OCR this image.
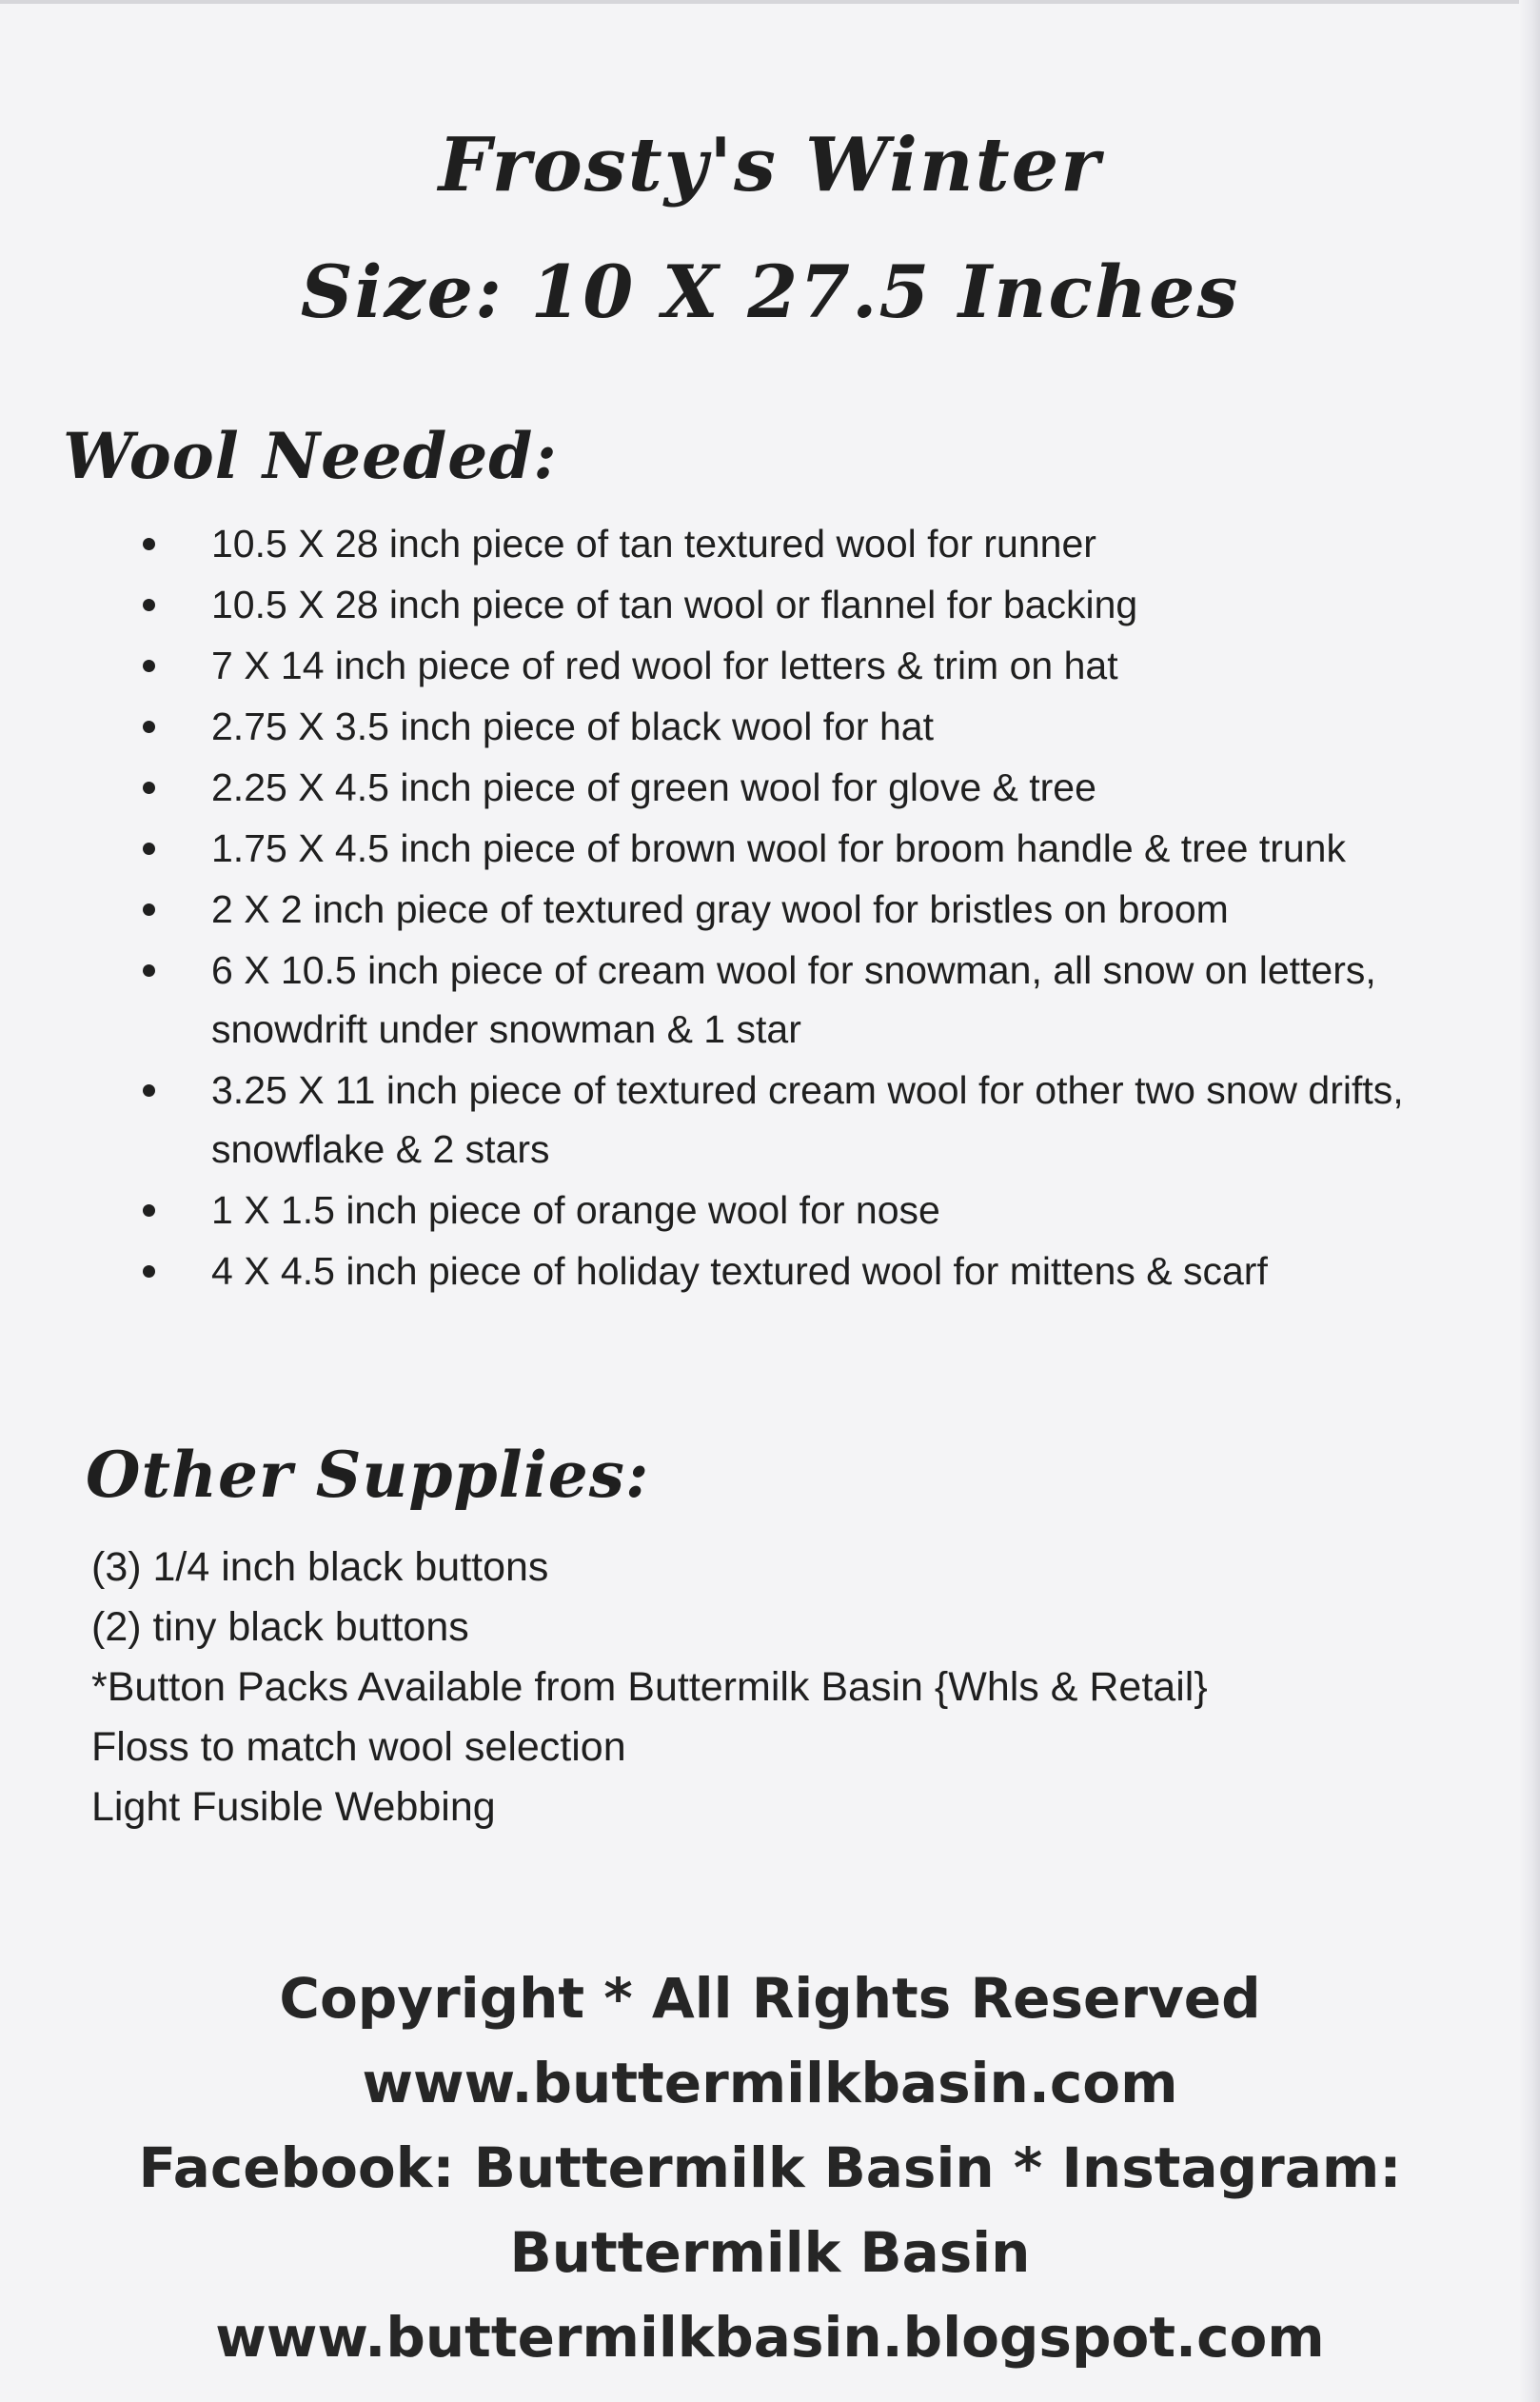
Frosty's Winter
Size: 10 X 27.5 Inches
Wool Needed:
10.5 X 28 inch piece of tan textured wool for runner
10.5 X 28 inch piece of tan wool or flannel for backing
7 X 14 inch piece of red wool for letters & trim on hat
2.75 X 3.5 inch piece of black wool for hat
2.25 X 4.5 inch piece of green wool for glove & tree
1.75 X 4.5 inch piece of brown wool for broom handle & tree trunk
2 X 2 inch piece of textured gray wool for bristles on broom
6 X 10.5 inch piece of cream wool for snowman, all snow on letters, snowdrift under snowman & 1 star
3.25 X 11 inch piece of textured cream wool for other two snow drifts, snowflake & 2 stars
1 X 1.5 inch piece of orange wool for nose
4 X 4.5 inch piece of holiday textured wool for mittens & scarf
Other Supplies:
(3) 1/4 inch black buttons
(2) tiny black buttons
*Button Packs Available from Buttermilk Basin {Whls & Retail}
Floss to match wool selection
Light Fusible Webbing
Copyright * All Rights Reserved
www.buttermilkbasin.com
Facebook: Buttermilk Basin * Instagram:
Buttermilk Basin
www.buttermilkbasin.blogspot.com
